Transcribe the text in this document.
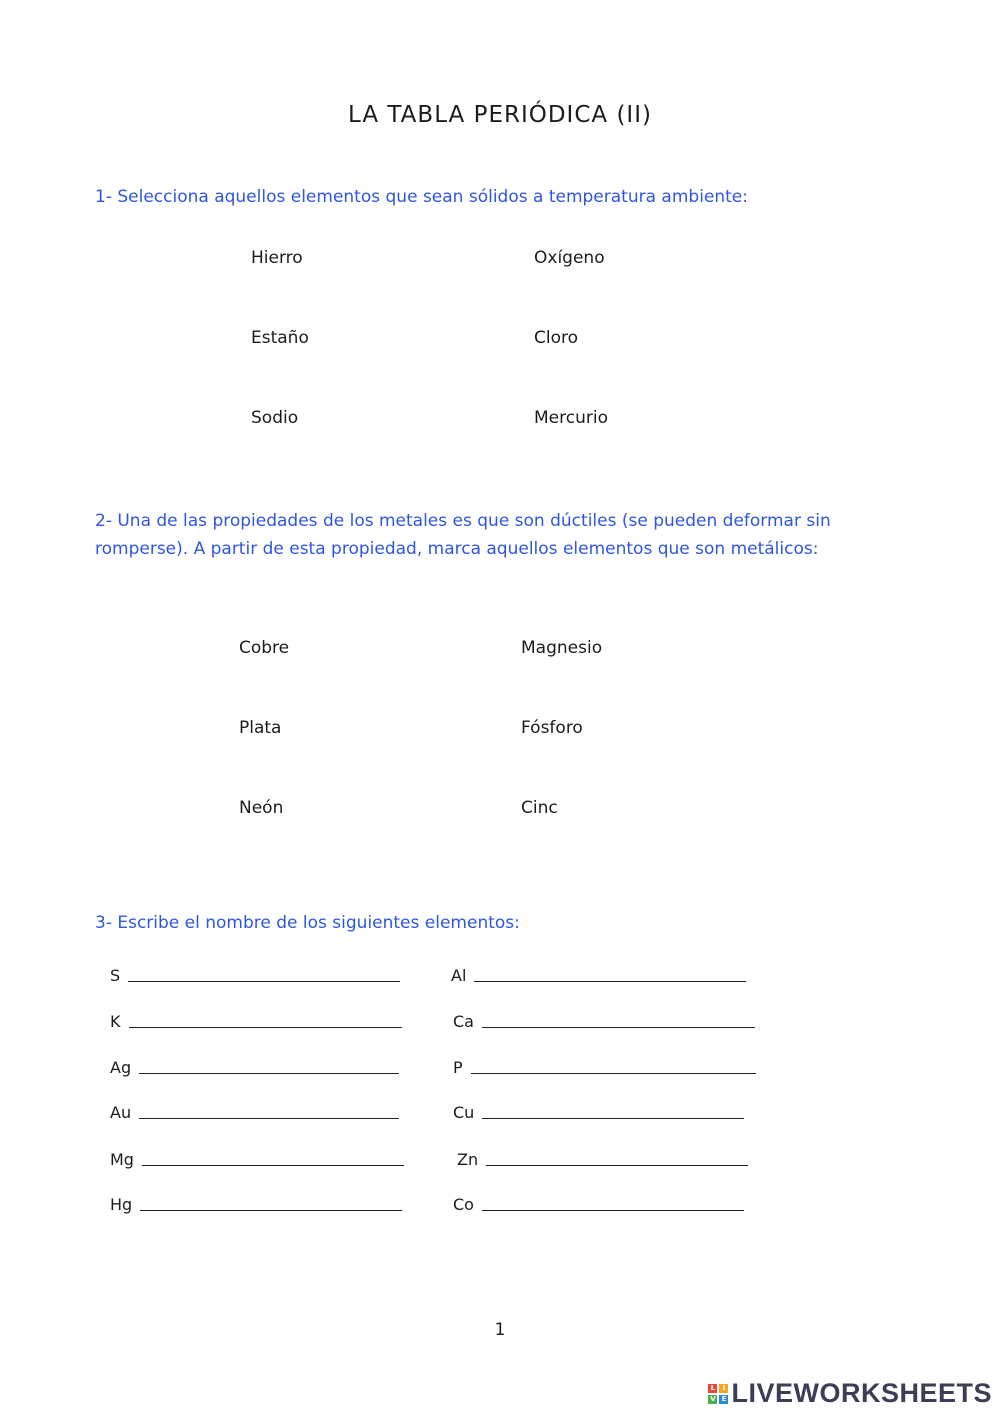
LA TABLA PERIÓDICA (II)
1- Selecciona aquellos elementos que sean sólidos a temperatura ambiente:
Hierro	Oxígeno
Estaño	Cloro
Sodio	Mercurio
2- Una de las propiedades de los metales es que son dúctiles (se pueden deformar sin romperse). A partir de esta propiedad, marca aquellos elementos que son metálicos:
Cobre	Magnesio
Plata	Fósforo
Neón	Cinc
3- Escribe el nombre de los siguientes elementos:
S	Al
K	Ca
Ag	P
Au	Cu
Mg	Zn
Hg	Co
1
L	I
V E LIVEWORKSHEETS
